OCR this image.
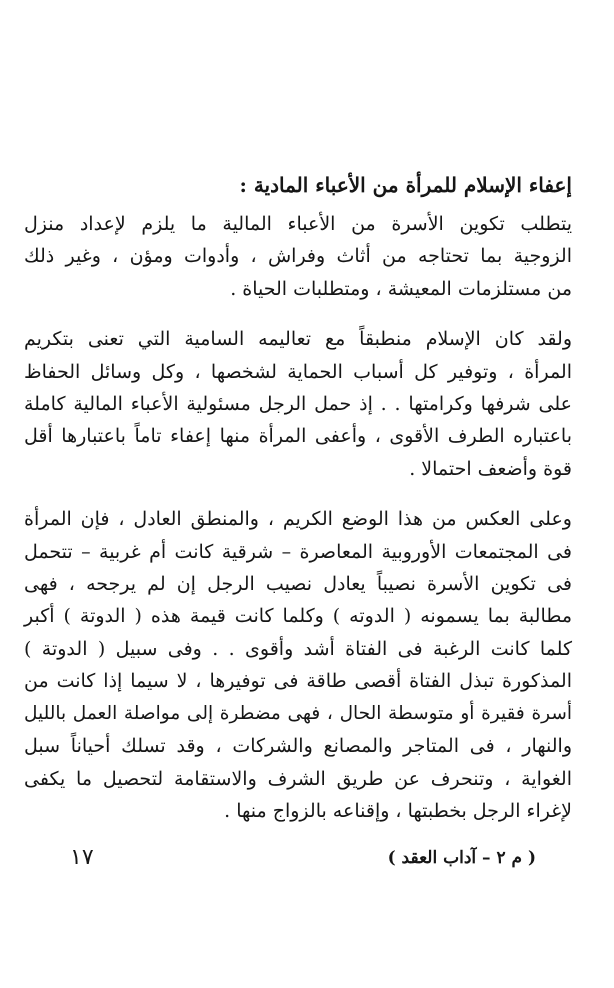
إعفاء الإسلام للمرأة من الأعباء المادية :
يتطلب تكوين الأسرة من الأعباء المالية ما يلزم لإعداد منزل
الزوجية بما تحتاجه من أثاث وفراش ، وأدوات ومؤن ، وغير ذلك
من مستلزمات المعيشة ، ومتطلبات الحياة .
ولقد كان الإسلام منطبقاً مع تعاليمه السامية التي تعنى بتكريم
المرأة ، وتوفير كل أسباب الحماية لشخصها ، وكل وسائل الحفاظ
على شرفها وكرامتها . . إذ حمل الرجل مسئولية الأعباء المالية كاملة
باعتباره الطرف الأقوى ، وأعفى المرأة منها إعفاء تاماً باعتبارها أقل
قوة وأضعف احتمالا .
وعلى العكس من هذا الوضع الكريم ، والمنطق العادل ، فإن المرأة
فى المجتمعات الأوروبية المعاصرة – شرقية كانت أم غربية – تتحمل
فى تكوين الأسرة نصيباً يعادل نصيب الرجل إن لم يرجحه ، فهى
مطالبة بما يسمونه ( الدوته ) وكلما كانت قيمة هذه ( الدوتة ) أكبر
كلما كانت الرغبة فى الفتاة أشد وأقوى . . وفى سبيل ( الدوتة )
المذكورة تبذل الفتاة أقصى طاقة فى توفيرها ، لا سيما إذا كانت من
أسرة فقيرة أو متوسطة الحال ، فهى مضطرة إلى مواصلة العمل بالليل
والنهار ، فى المتاجر والمصانع والشركات ، وقد تسلك أحياناً سبل
الغواية ، وتنحرف عن طريق الشرف والاستقامة لتحصيل ما يكفى
لإغراء الرجل بخطبتها ، وإقناعه بالزواج منها .
١٧	( م ٢ – آداب العقد )
